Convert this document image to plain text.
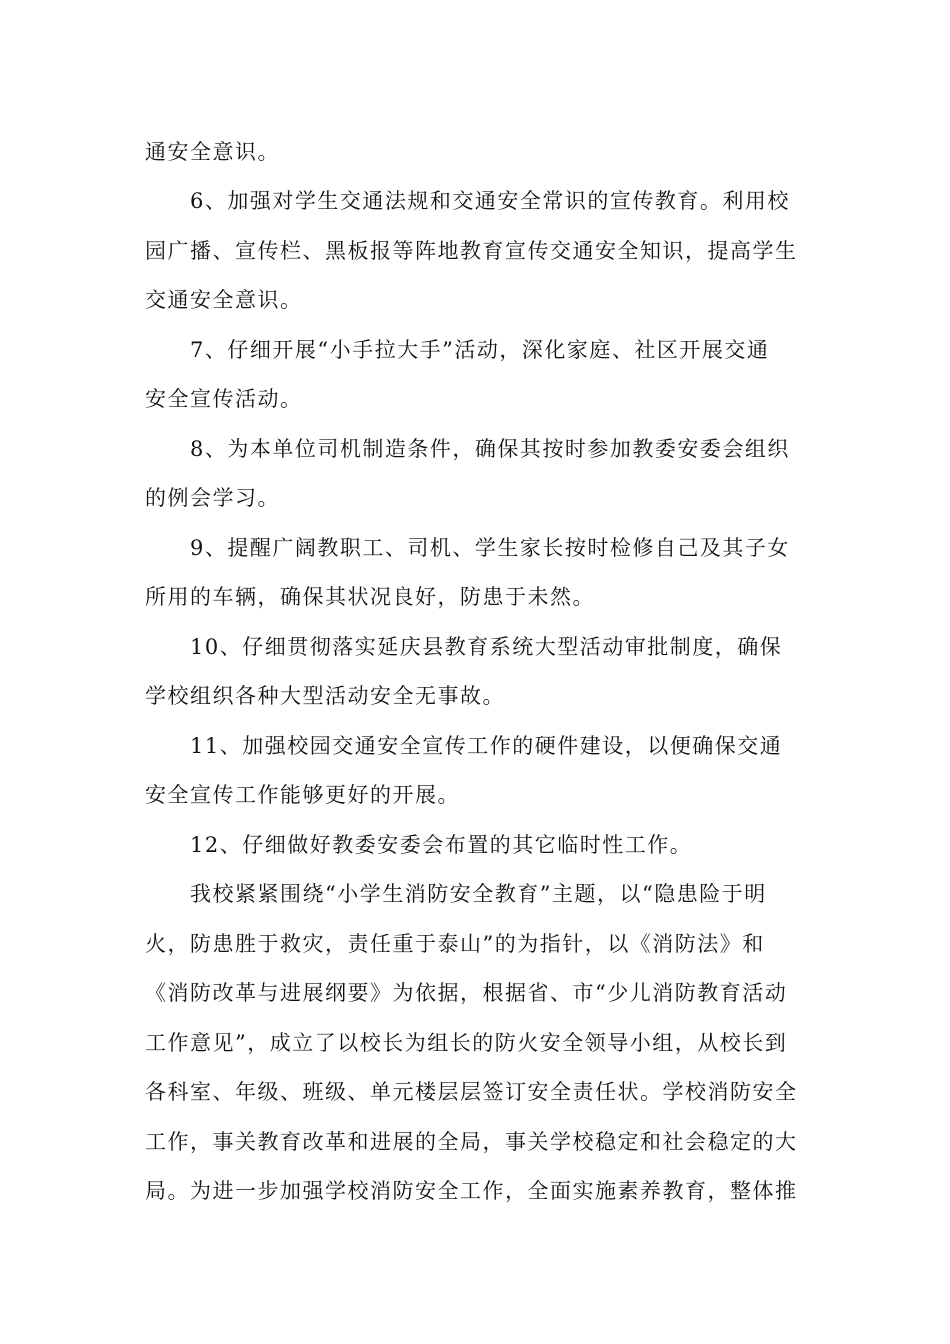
通安全意识。
6、加强对学生交通法规和交通安全常识的宣传教育。利用校
园广播、宣传栏、黑板报等阵地教育宣传交通安全知识，提高学生
交通安全意识。
7、仔细开展“小手拉大手”活动，深化家庭、社区开展交通
安全宣传活动。
8、为本单位司机制造条件，确保其按时参加教委安委会组织
的例会学习。
9、提醒广阔教职工、司机、学生家长按时检修自己及其子女
所用的车辆，确保其状况良好，防患于未然。
10、仔细贯彻落实延庆县教育系统大型活动审批制度，确保
学校组织各种大型活动安全无事故。
11、加强校园交通安全宣传工作的硬件建设，以便确保交通
安全宣传工作能够更好的开展。
12、仔细做好教委安委会布置的其它临时性工作。
我校紧紧围绕“小学生消防安全教育”主题，以“隐患险于明
火，防患胜于救灾，责任重于泰山”的为指针，以《消防法》和
《消防改革与进展纲要》为依据，根据省、市“少儿消防教育活动
工作意见”，成立了以校长为组长的防火安全领导小组，从校长到
各科室、年级、班级、单元楼层层签订安全责任状。学校消防安全
工作，事关教育改革和进展的全局，事关学校稳定和社会稳定的大
局。为进一步加强学校消防安全工作，全面实施素养教育，整体推
